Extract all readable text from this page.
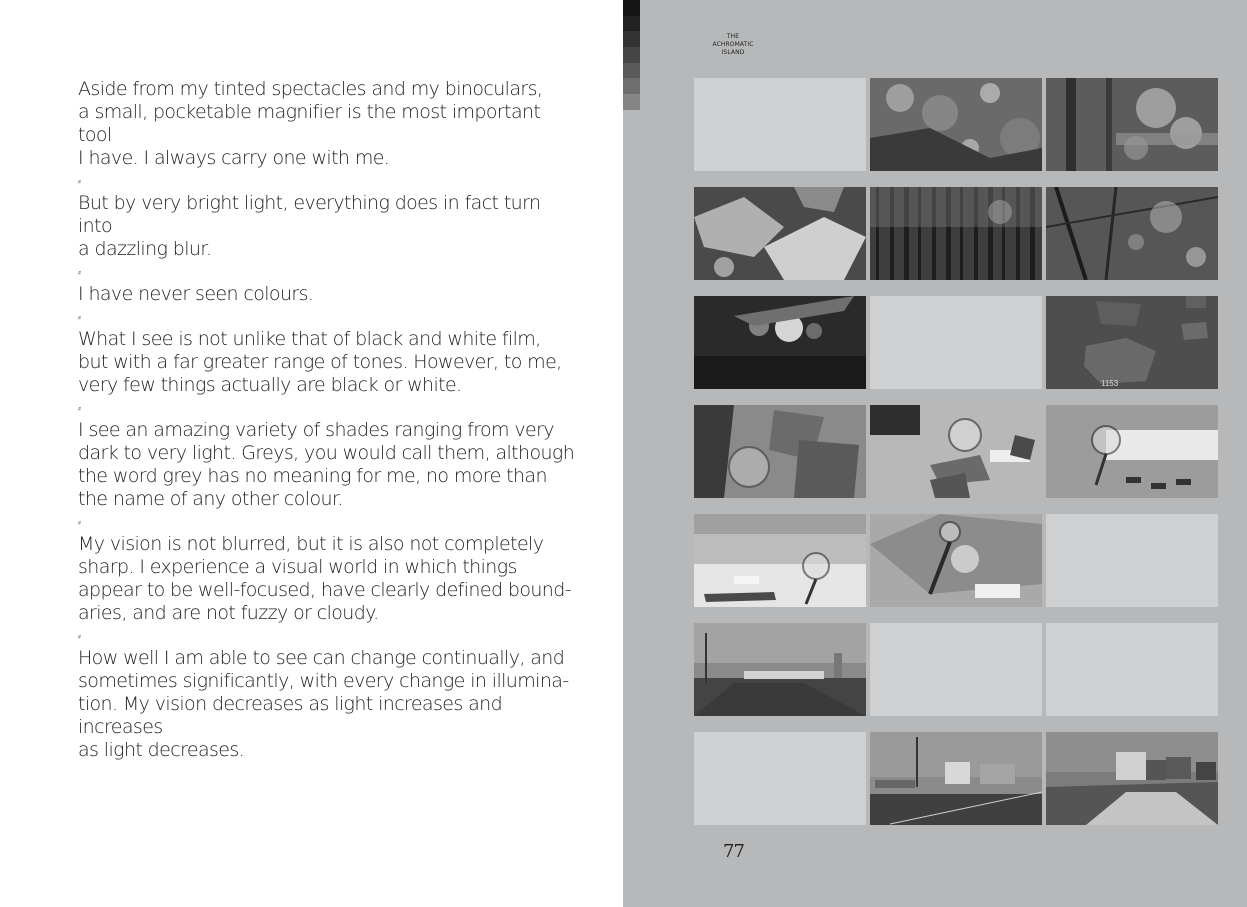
Aside from my tinted spectacles and my binoculars,
a small, pocketable magnifier is the most important tool
I have. I always carry one with me.

⸗

But by very bright light, everything does in fact turn into
a dazzling blur.

⸗

I have never seen colours.

⸗

What I see is not unlike that of black and white film,
but with a far greater range of tones. However, to me,
very few things actually are black or white.

⸗

I see an amazing variety of shades ranging from very
dark to very light. Greys, you would call them, although
the word grey has no meaning for me, no more than
the name of any other colour.

⸗

My vision is not blurred, but it is also not completely
sharp. I experience a visual world in which things
appear to be well-focused, have clearly defined bound-
aries, and are not fuzzy or cloudy.

⸗

How well I am able to see can change continually, and
sometimes significantly, with every change in illumina-
tion. My vision decreases as light increases and increases
as light decreases.

THE
ACHROMATIC
ISLAND
1153
77
